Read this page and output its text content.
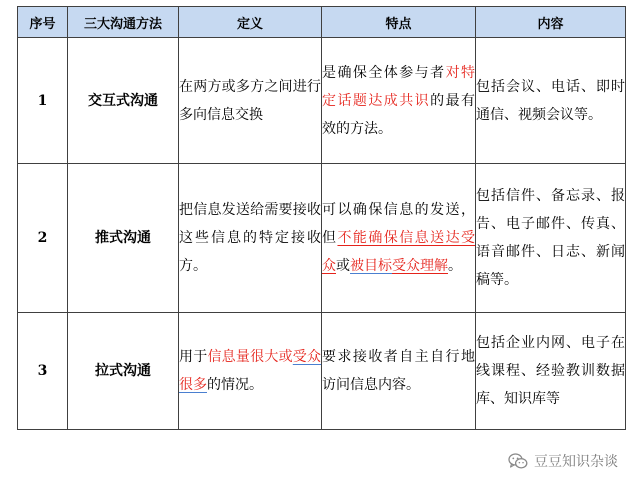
序号	三大沟通方法	定义	特点	内容
1	交互式沟通	在两方或多方之间进行多向信息交换	是确保全体参与者对特定话题达成共识的最有效的方法。	包括会议、电话、即时通信、视频会议等。

2	推式沟通	把信息发送给需要接收这些信息的特定接收方。	可以确保信息的发送，但不能确保信息送达受众或被目标受众理解。	包括信件、备忘录、报告、电子邮件、传真、语音邮件、日志、新闻稿等。

3	拉式沟通	用于信息量很大或受众很多的情况。	要求接收者自主自行地访问信息内容。	包括企业内网、电子在线课程、经验教训数据库、知识库等
豆豆知识杂谈
